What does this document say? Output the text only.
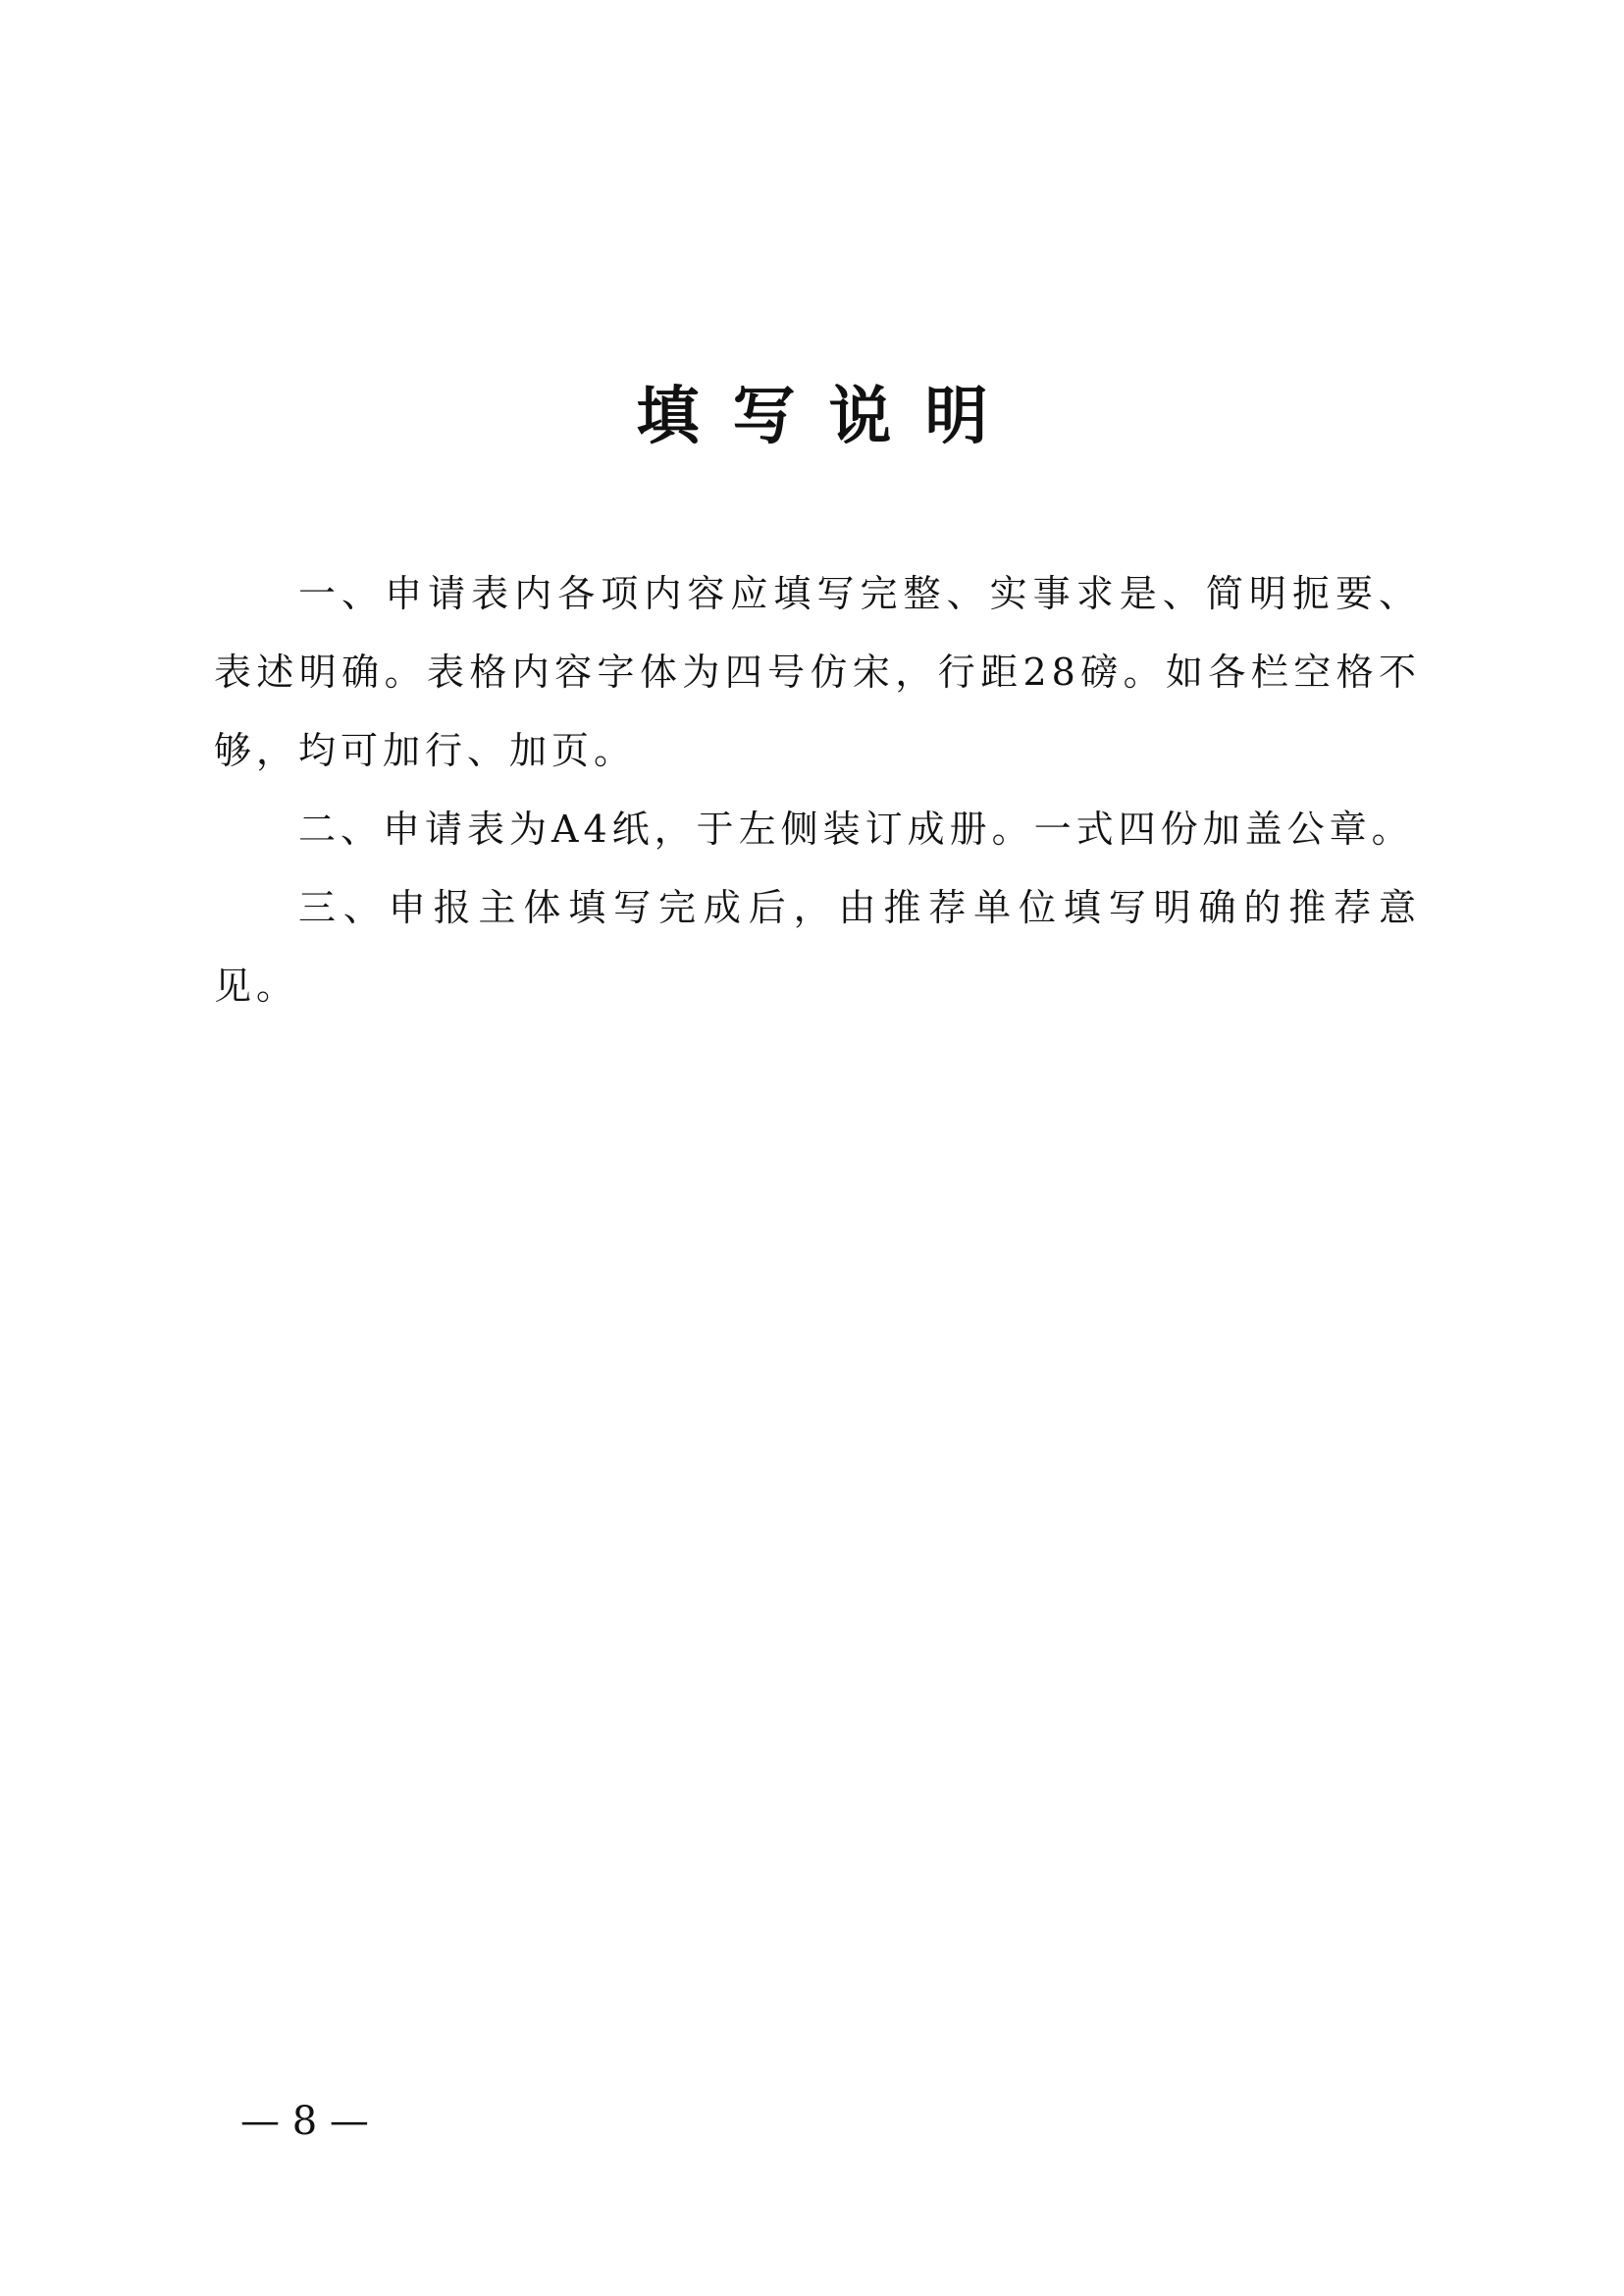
填写说明

一、申请表内各项内容应填写完整、实事求是、简明扼要、表述明确。表格内容字体为四号仿宋，行距28磅。如各栏空格不够，均可加行、加页。

二、申请表为A4纸，于左侧装订成册。一式四份加盖公章。

三、申报主体填写完成后，由推荐单位填写明确的推荐意见。

— 8 —
